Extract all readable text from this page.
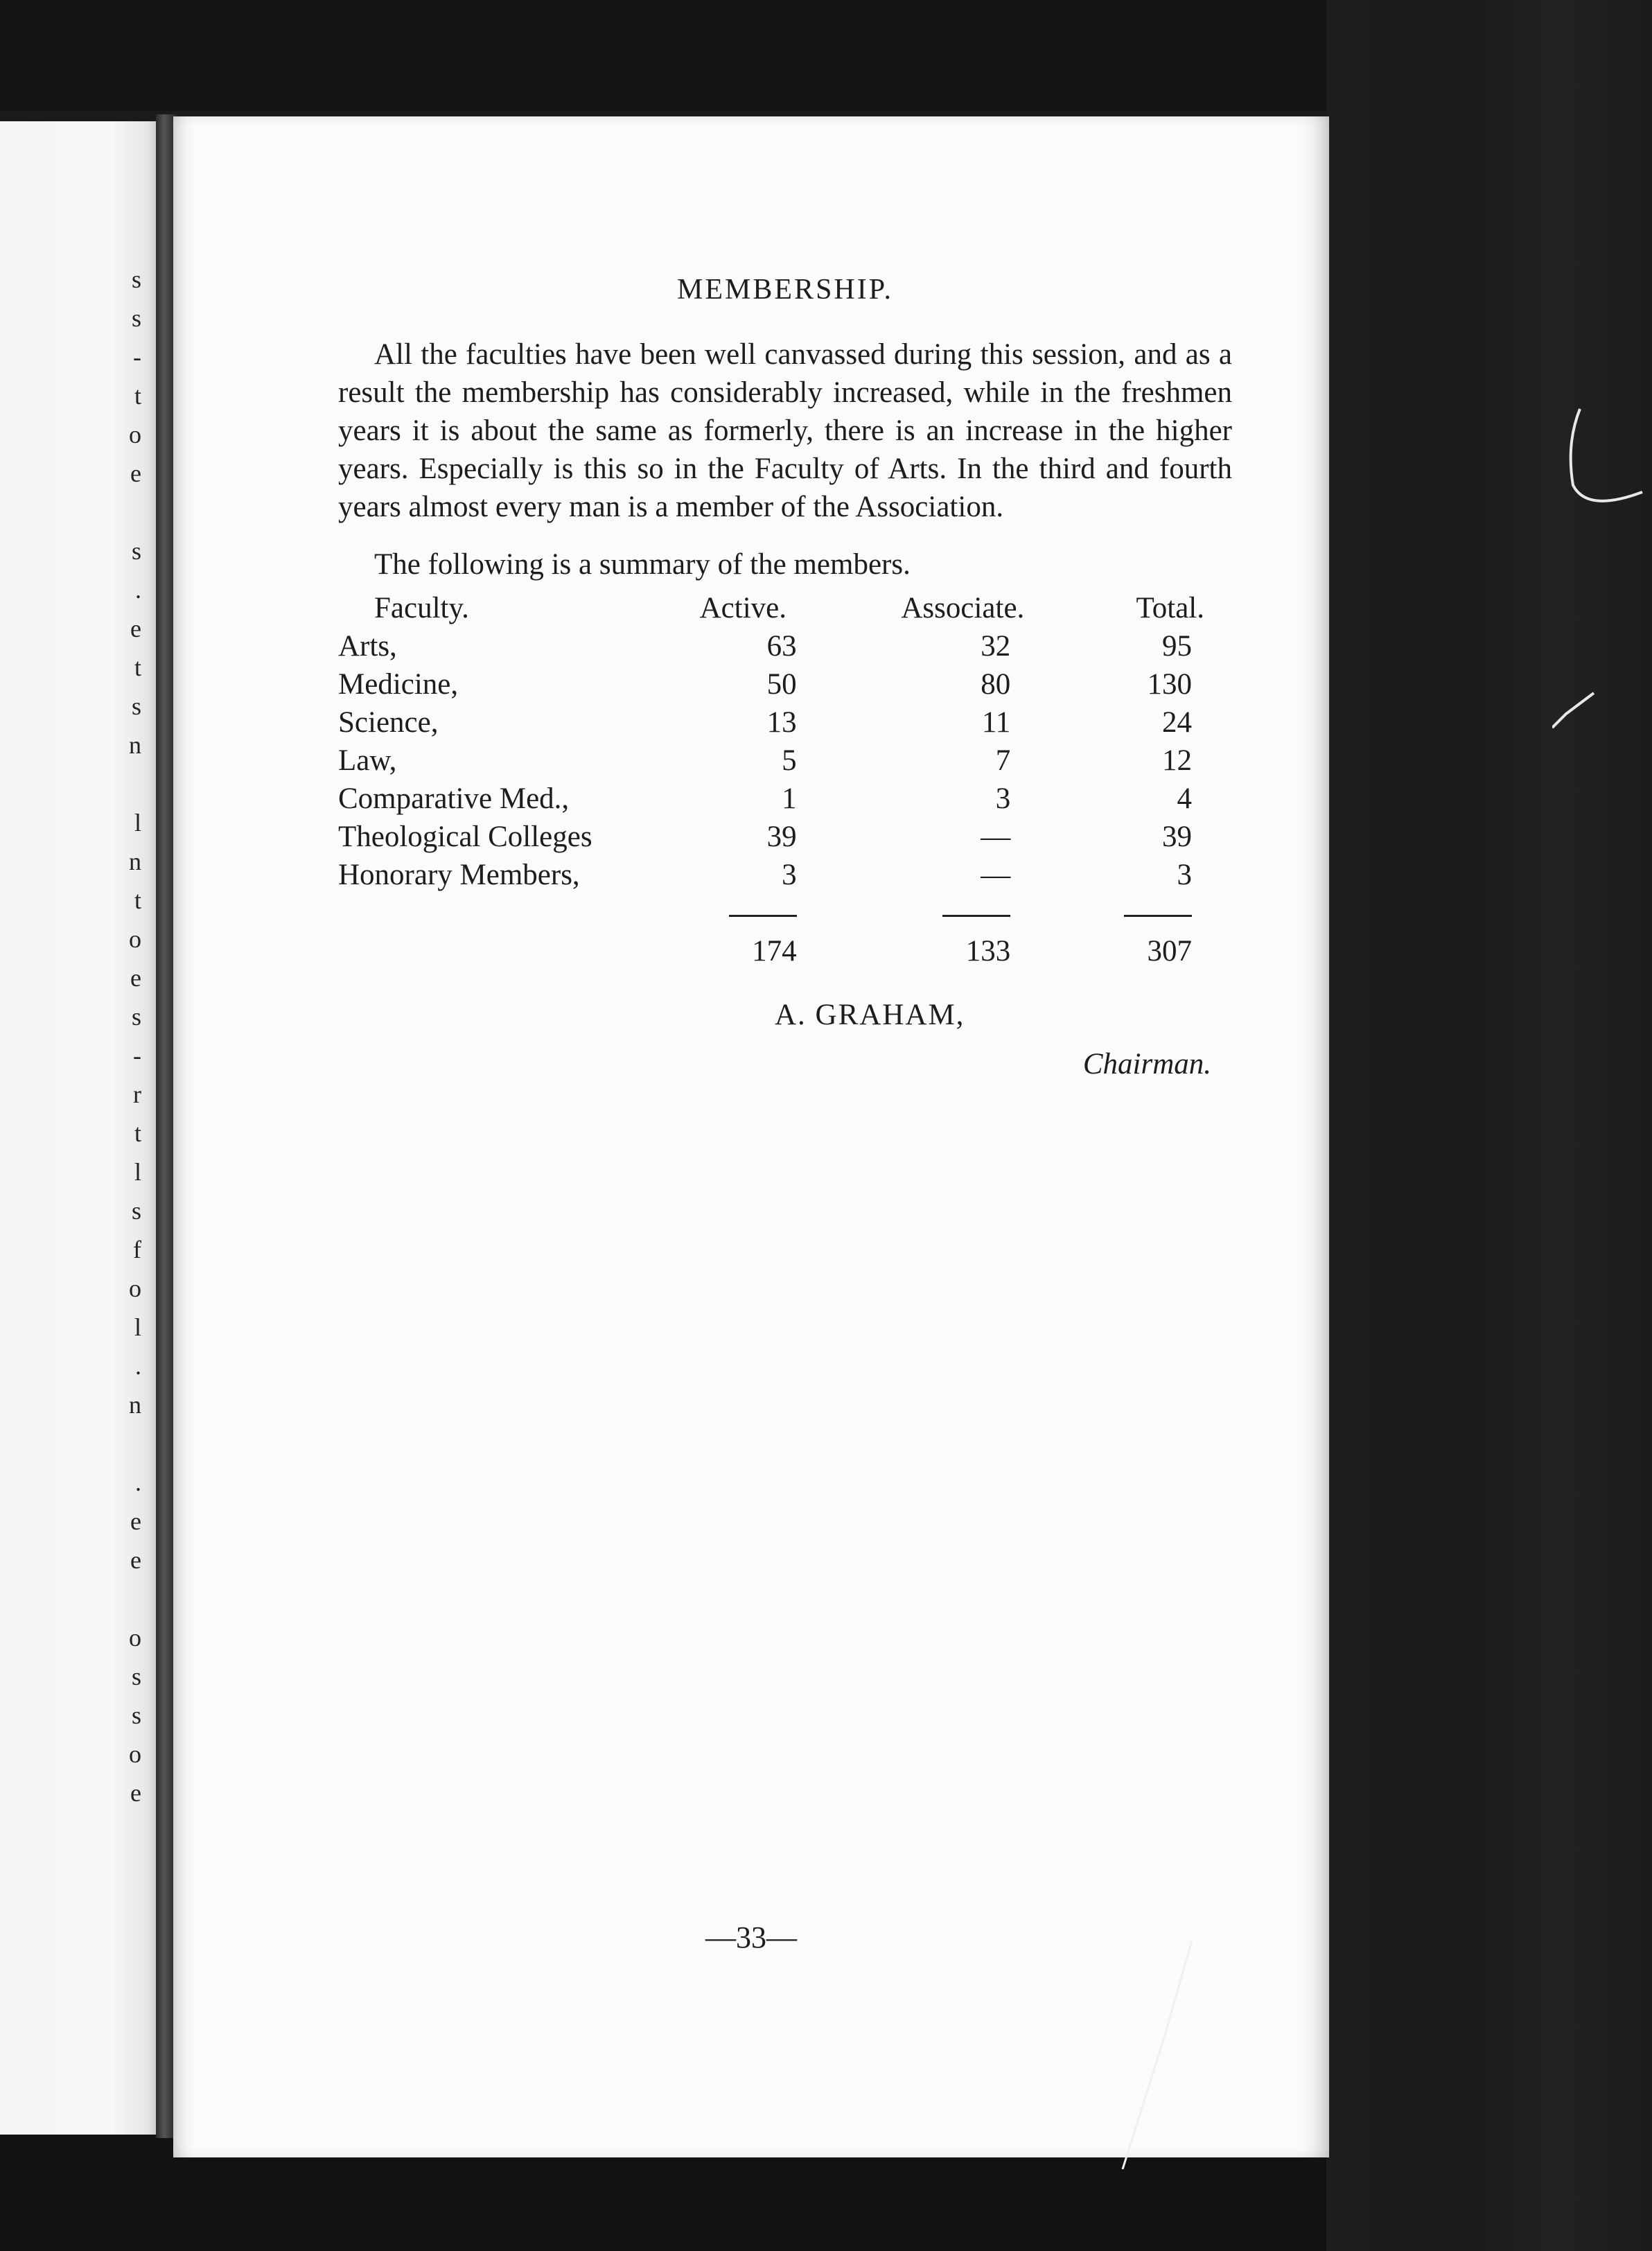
s
s
-
t
o
e

s
.
e
t
s
n

l
n
t
o
e
s
-
r
t
l
s
f
o
l
.
n

.
e
e

o
s
s
o
e
MEMBERSHIP.

All the faculties have been well canvassed during this session, and as a result the membership has considerably increased, while in the freshmen years it is about the same as formerly, there is an increase in the higher years. Especially is this so in the Faculty of Arts. In the third and fourth years almost every man is a member of the Association.

The following is a summary of the members.

Faculty.	Active.	Associate.	Total.
Arts,	63	32	95
Medicine,	50	80	130
Science,	13	11	24
Law,	5	7	12
Comparative Med.,	1	3	4
Theological Colleges	39	—	39
Honorary Members,	3	—	3

	174	133	307
A. GRAHAM,
Chairman.
—33—
